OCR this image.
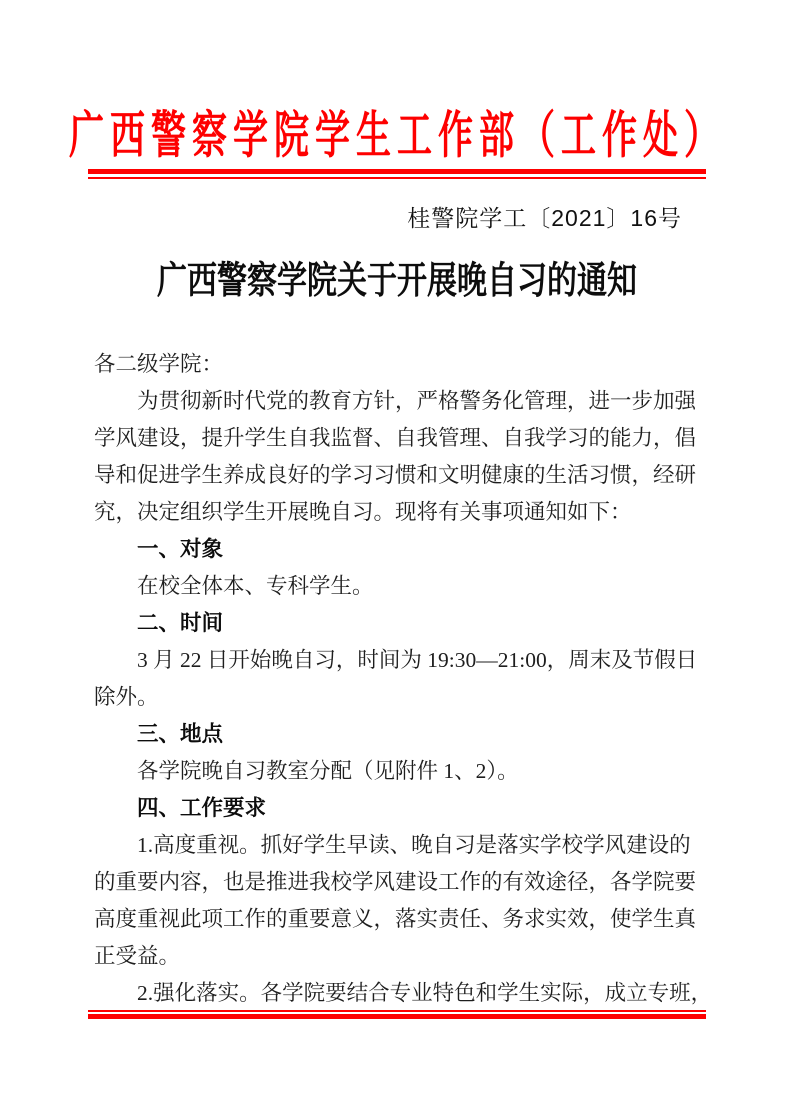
广西警察学院学生工作部（工作处）
桂警院学工〔2021〕16号
广西警察学院关于开展晚自习的通知
各二级学院：
为贯彻新时代党的教育方针，严格警务化管理，进一步加强
学风建设，提升学生自我监督、自我管理、自我学习的能力，倡
导和促进学生养成良好的学习习惯和文明健康的生活习惯，经研
究，决定组织学生开展晚自习。现将有关事项通知如下：
一、对象
在校全体本、专科学生。
二、时间
3 月 22 日开始晚自习，时间为 19:30—21:00，周末及节假日
除外。
三、地点
各学院晚自习教室分配（见附件 1、2）。
四、工作要求
1.高度重视。抓好学生早读、晚自习是落实学校学风建设的
的重要内容，也是推进我校学风建设工作的有效途径，各学院要
高度重视此项工作的重要意义，落实责任、务求实效，使学生真
正受益。
2.强化落实。各学院要结合专业特色和学生实际，成立专班，
